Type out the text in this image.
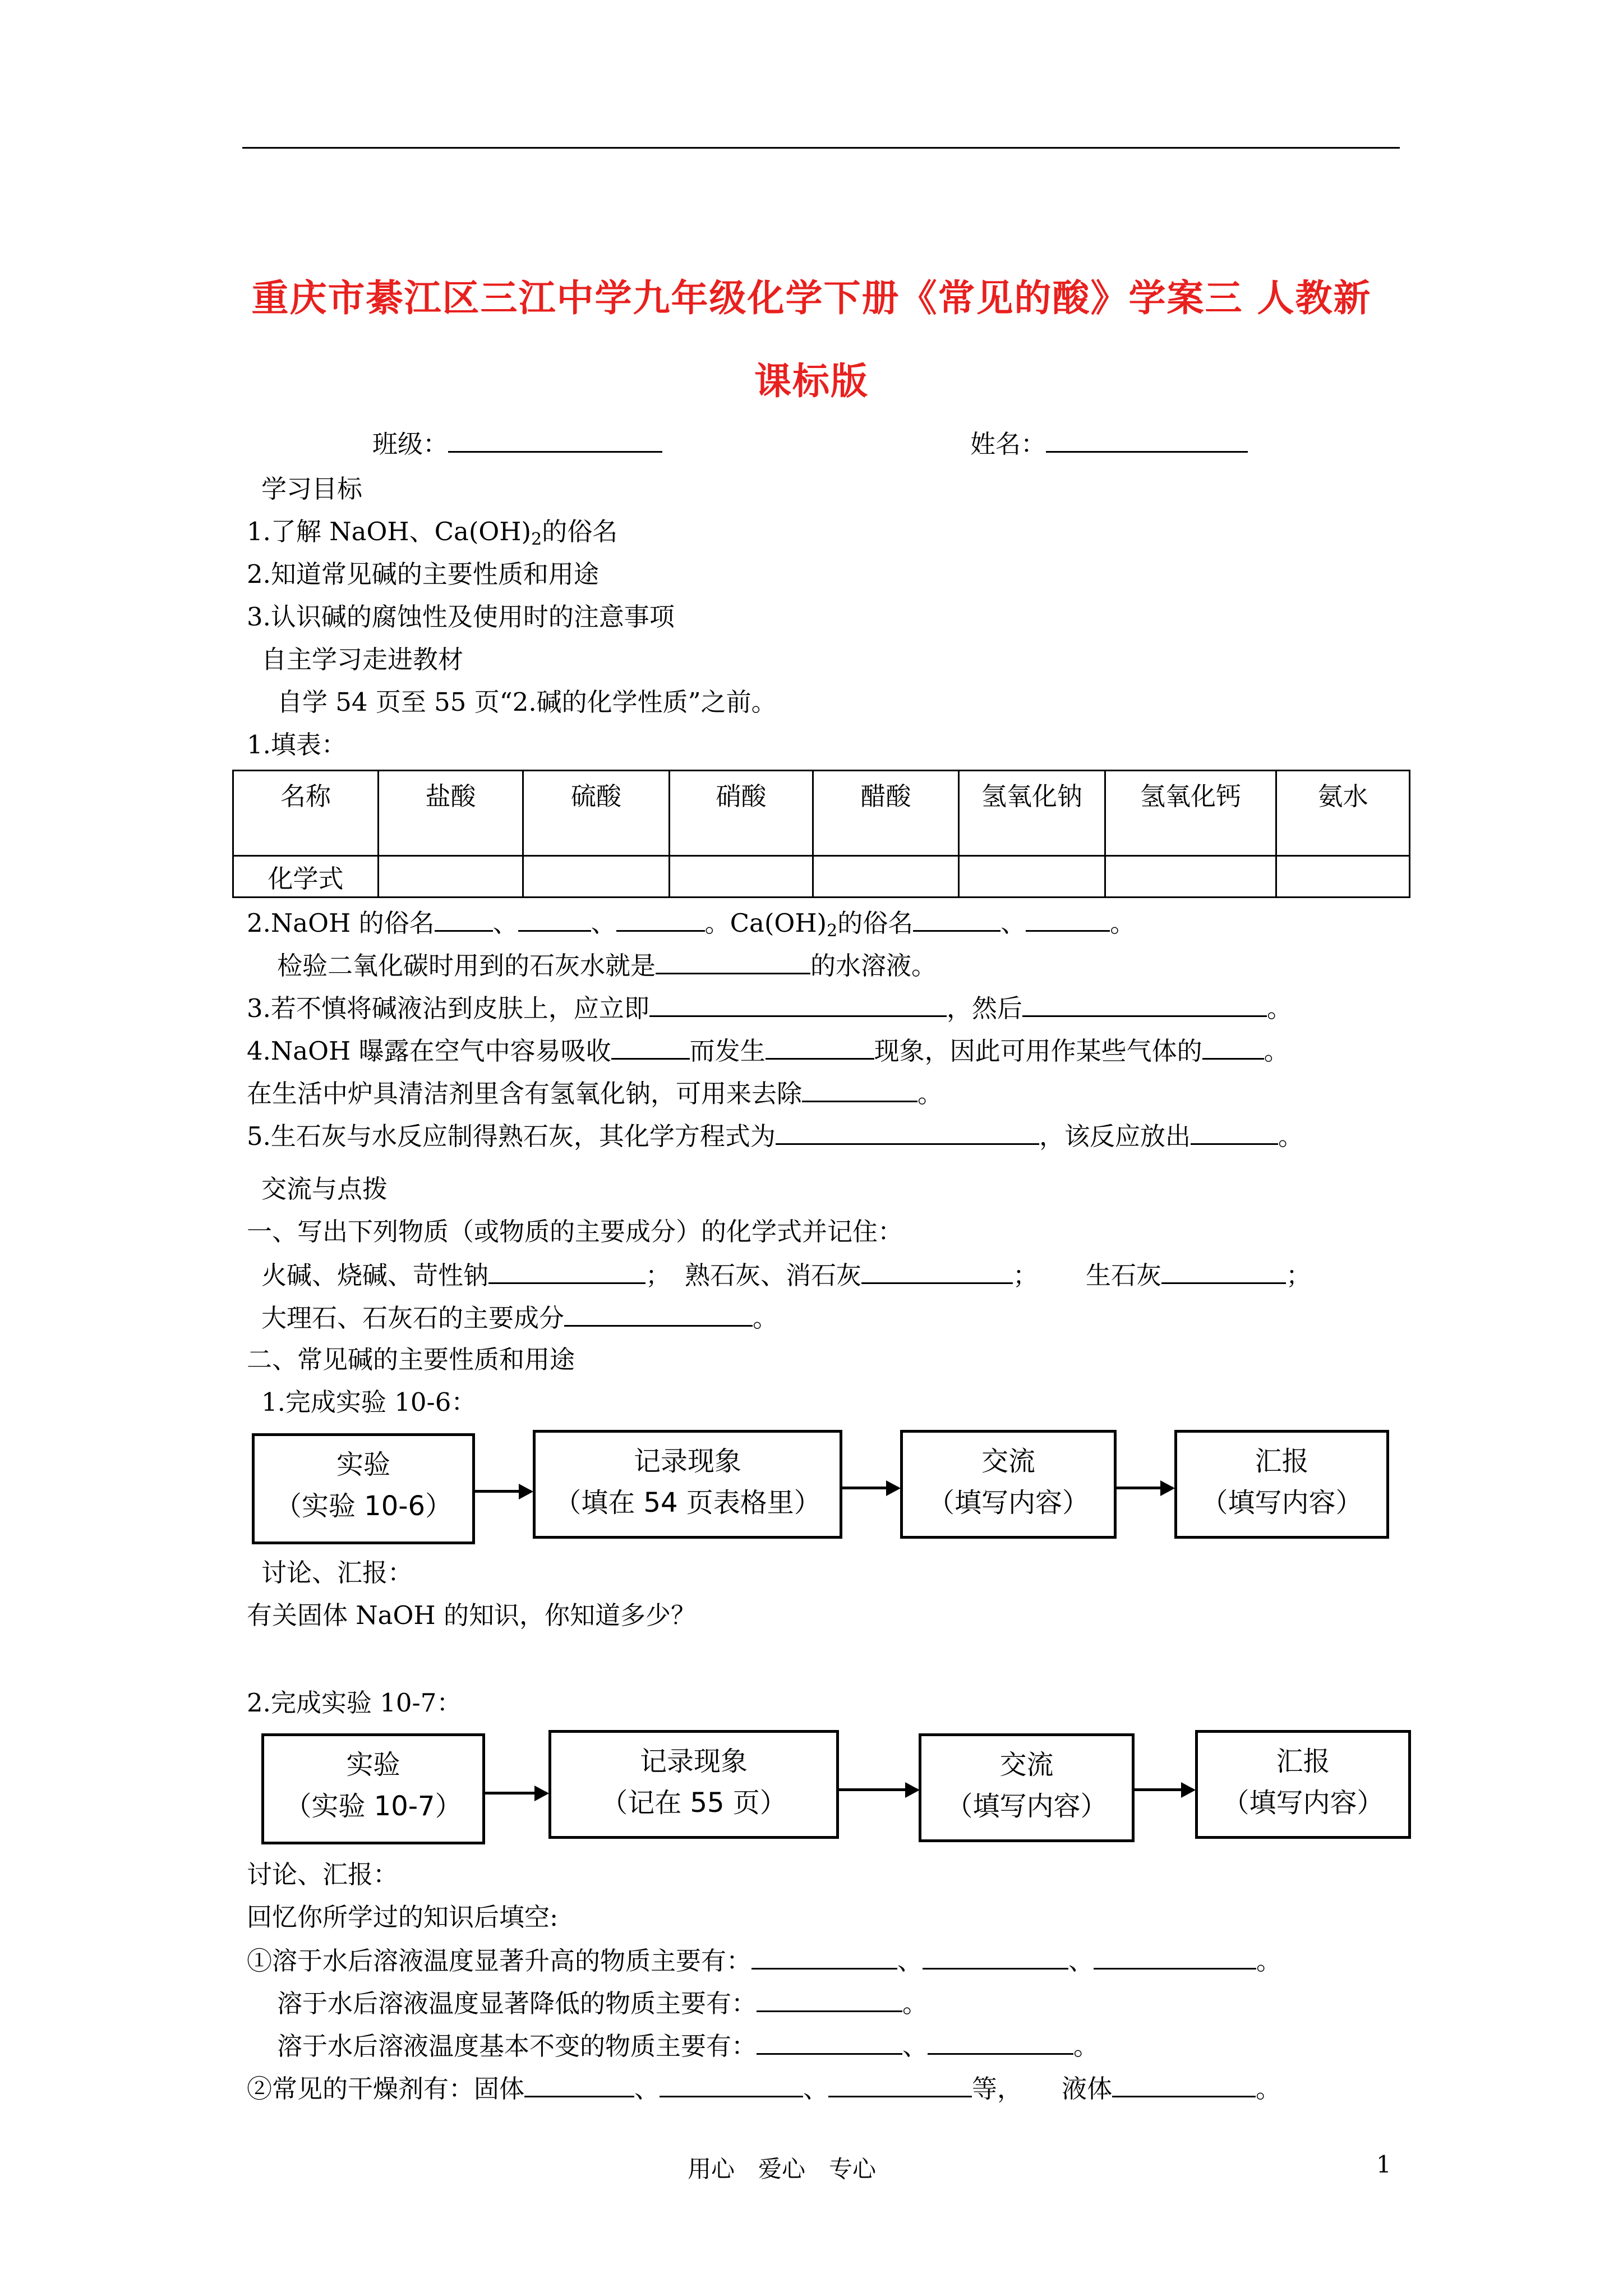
重庆市綦江区三江中学九年级化学下册《常见的酸》学案三 人教新
课标版
班级：	姓名：
学习目标
1.了解 NaOH、$Ca(OH)_2$的俗名
2.知道常见碱的主要性质和用途
3.认识碱的腐蚀性及使用时的注意事项
自主学习走进教材
自学 54 页至 55 页“2.碱的化学性质”之前。
1.填表：
名称	盐酸	硫酸	硝酸	醋酸	氢氧化钠	氢氧化钙	氨水
化学式							
2.NaOH 的俗名 、	、	。$Ca(OH)_2$的俗名	、	。
检验二氧化碳时用到的石灰水就是	的水溶液。
3.若不慎将碱液沾到皮肤上，应立即	，然后	。
4.NaOH 曝露在空气中容易吸收	而发生	现象，因此可用作某些气体的 。
在生活中炉具清洁剂里含有氢氧化钠，可用来去除	。
5.生石灰与水反应制得熟石灰，其化学方程式为	，该反应放出	。
交流与点拨
一、写出下列物质（或物质的主要成分）的化学式并记住：
火碱、烧碱、苛性钠	； 熟石灰、消石灰	； 生石灰	；
大理石、石灰石的主要成分	。
二、常见碱的主要性质和用途
1.完成实验 10-6：
实验
（实验 10-6）
记录现象
（填在 54 页表格里）
交流
（填写内容）
汇报
（填写内容）
讨论、汇报：
有关固体 NaOH 的知识，你知道多少？
2.完成实验 10-7：
实验
（实验 10-7）
记录现象
（记在 55 页）
交流
（填写内容）
汇报
（填写内容）
讨论、汇报：
回忆你所学过的知识后填空:
①溶于水后溶液温度显著升高的物质主要有：	、	、	。
溶于水后溶液温度显著降低的物质主要有：	。
溶于水后溶液温度基本不变的物质主要有：	、	。
②常见的干燥剂有：固体	、	、	等， 液体	。
用心　爱心　专心	1
